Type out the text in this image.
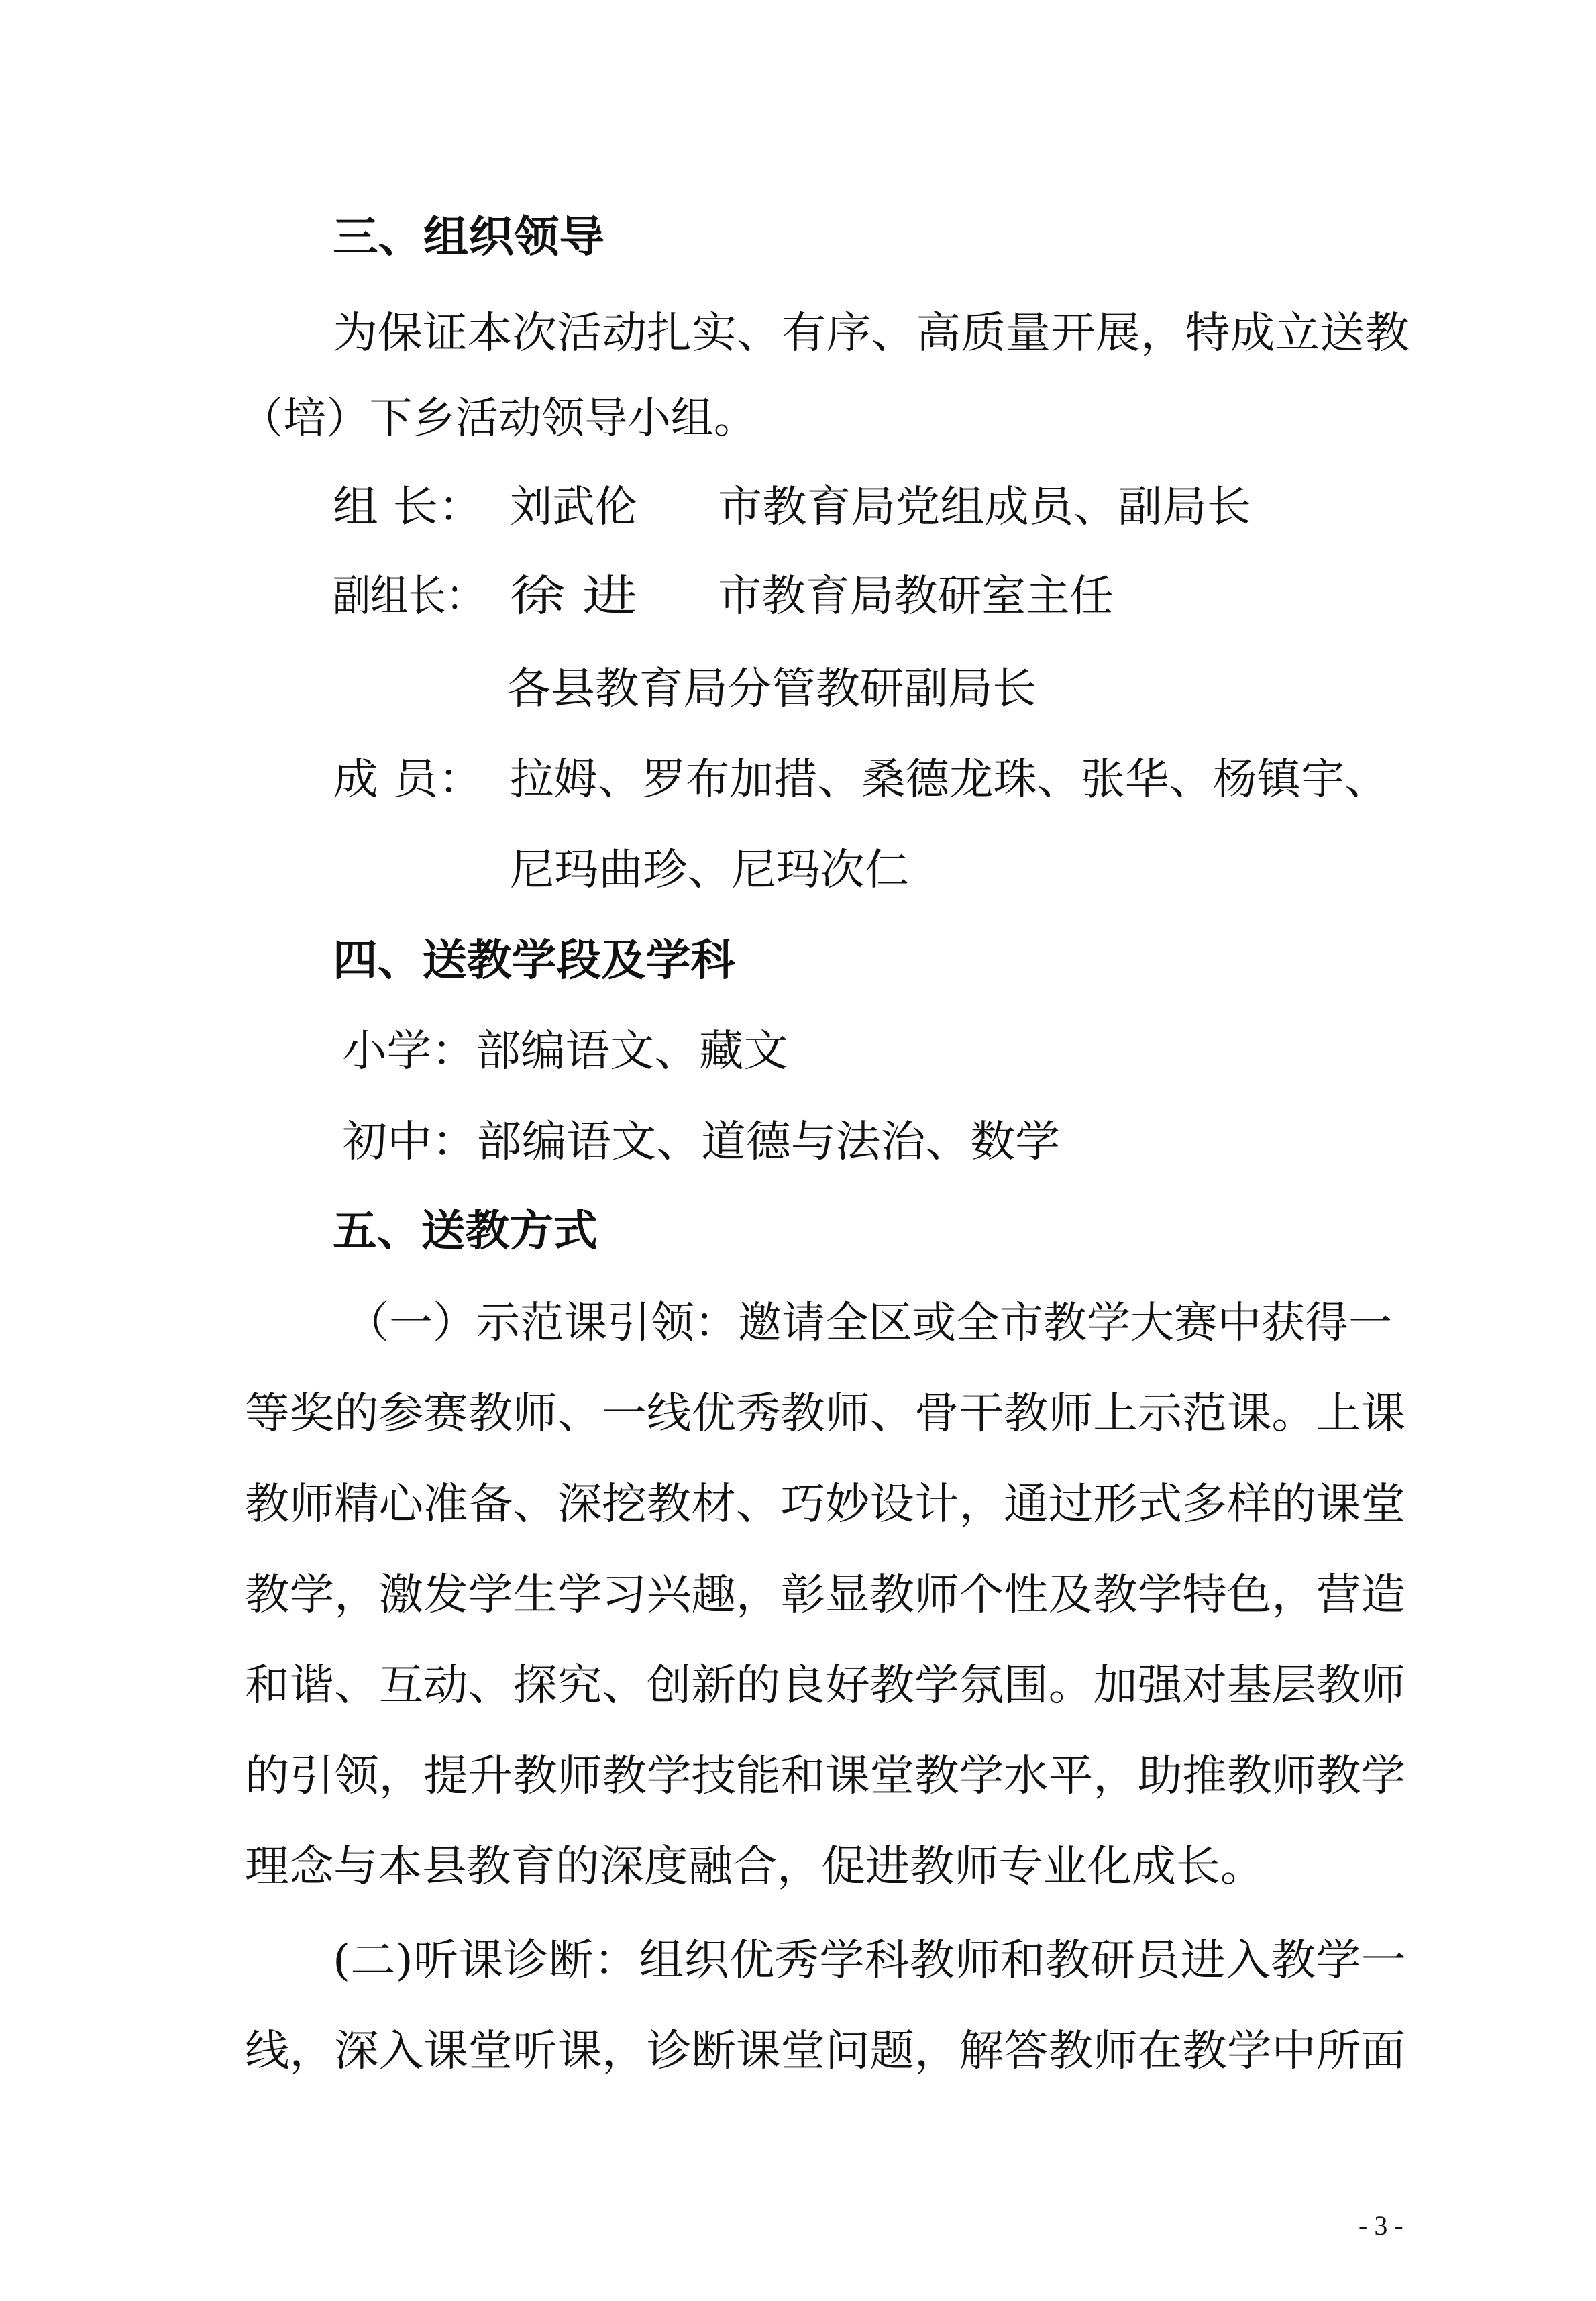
三、组织领导
为保证本次活动扎实、有序、高质量开展，特成立送教
（培）下乡活动领导小组。
组 长： 刘武伦 市教育局党组成员、副局长
副组长： 徐 进 市教育局教研室主任
各县教育局分管教研副局长
成 员： 拉姆、罗布加措、桑德龙珠、张华、杨镇宇、
尼玛曲珍、尼玛次仁
四、送教学段及学科
小学：部编语文、藏文
初中：部编语文、道德与法治、数学
五、送教方式
（一）示范课引领：邀请全区或全市教学大赛中获得一
等奖的参赛教师、一线优秀教师、骨干教师上示范课。上课
教师精心准备、深挖教材、巧妙设计，通过形式多样的课堂
教学，激发学生学习兴趣，彰显教师个性及教学特色，营造
和谐、互动、探究、创新的良好教学氛围。加强对基层教师
的引领，提升教师教学技能和课堂教学水平，助推教师教学
理念与本县教育的深度融合，促进教师专业化成长。
(二)听课诊断：组织优秀学科教师和教研员进入教学一
线，深入课堂听课，诊断课堂问题，解答教师在教学中所面
- 3 -
